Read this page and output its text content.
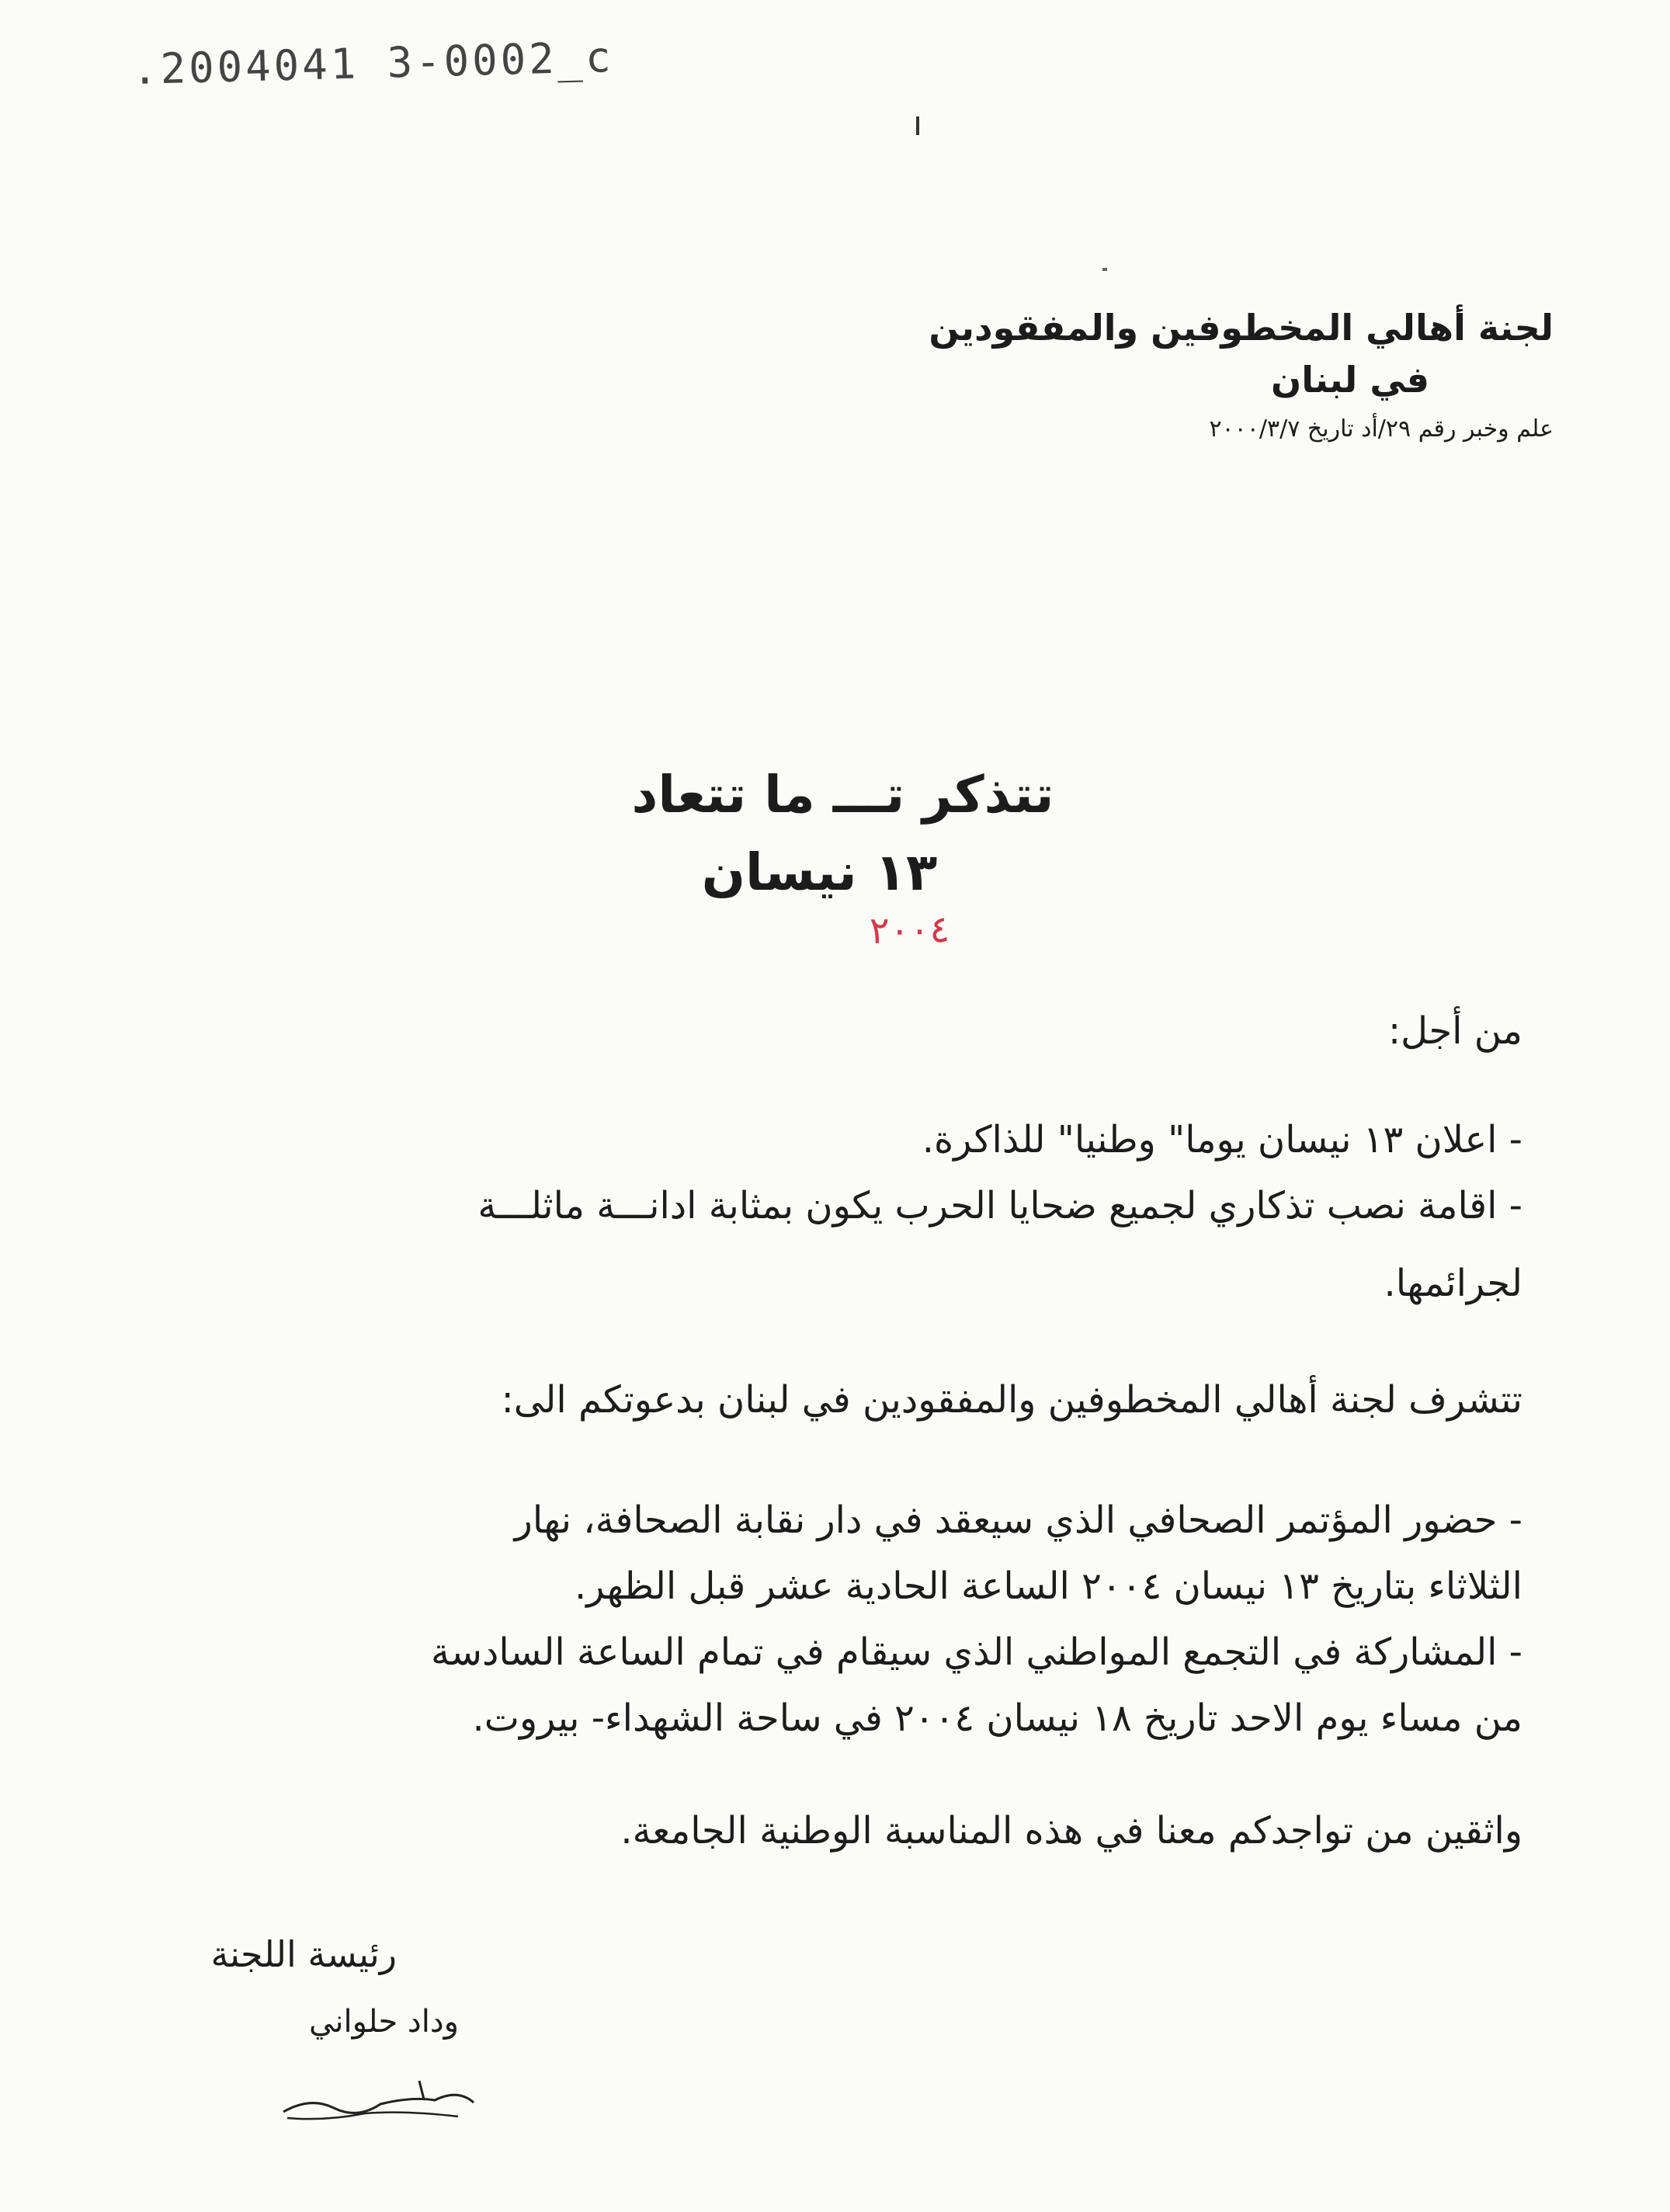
.2004041 3-0002_c
لجنة أهالي المخطوفين والمفقودين
في لبنان
علم وخبر رقم ٢٩/أد تاريخ ٢٠٠٠/٣/٧
تتذكر تـــ ما تتعاد
١٣ نيسان
٢٠٠٤
من أجل:
- اعلان ١٣ نيسان يوما" وطنيا" للذاكرة.
- اقامة نصب تذكاري لجميع ضحايا الحرب يكون بمثابة ادانـــة ماثلـــة
لجرائمها.
تتشرف لجنة أهالي المخطوفين والمفقودين في لبنان بدعوتكم الى:
- حضور المؤتمر الصحافي الذي سيعقد في دار نقابة الصحافة، نهار
الثلاثاء بتاريخ ١٣ نيسان ٢٠٠٤ الساعة الحادية عشر قبل الظهر.
- المشاركة في التجمع المواطني الذي سيقام في تمام الساعة السادسة
من مساء يوم الاحد تاريخ ١٨ نيسان ٢٠٠٤ في ساحة الشهداء- بيروت.
واثقين من تواجدكم معنا في هذه المناسبة الوطنية الجامعة.
رئيسة اللجنة
وداد حلواني
